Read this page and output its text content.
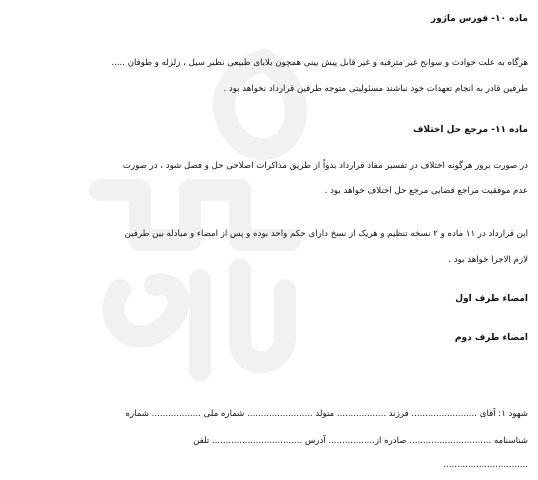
ماده ۱۰- فورس ماژور
هرگاه به علت حوادث و سوانح غیر مترقبه و غیر قابل پیش بینی همچون بلایای طبیعی نظیر سیل ، زلزله و طوفان .....
طرفین قادر به انجام تعهدات خود نباشند مسئولیتی متوجه طرفین قرارداد نخواهد بود .
ماده ۱۱- مرجع حل اختلاف
در صورت بروز هرگونه اختلاف در تفسیر مفاد قرارداد بدواً از طریق مذاکرات اصلاحی حل و فصل شود ، در صورت
عدم موفقیت مراجع قضایی مرجع حل اختلاف خواهد بود .
این قرارداد در ۱۱ ماده و ۲ نسخه تنظیم و هریک از نسخ دارای حکم واحد بوده و پس از امضاء و مبادله بین طرفین
لازم الاجرا خواهد بود .
امضاء طرف اول
امضاء طرف دوم
شهود ۱: آقای ........................ فرزند .................. متولد ........................ شماره ملی .................. شماره
شناسنامه .............................. صادره از................. آدرس ................................. تلفن
...............................
